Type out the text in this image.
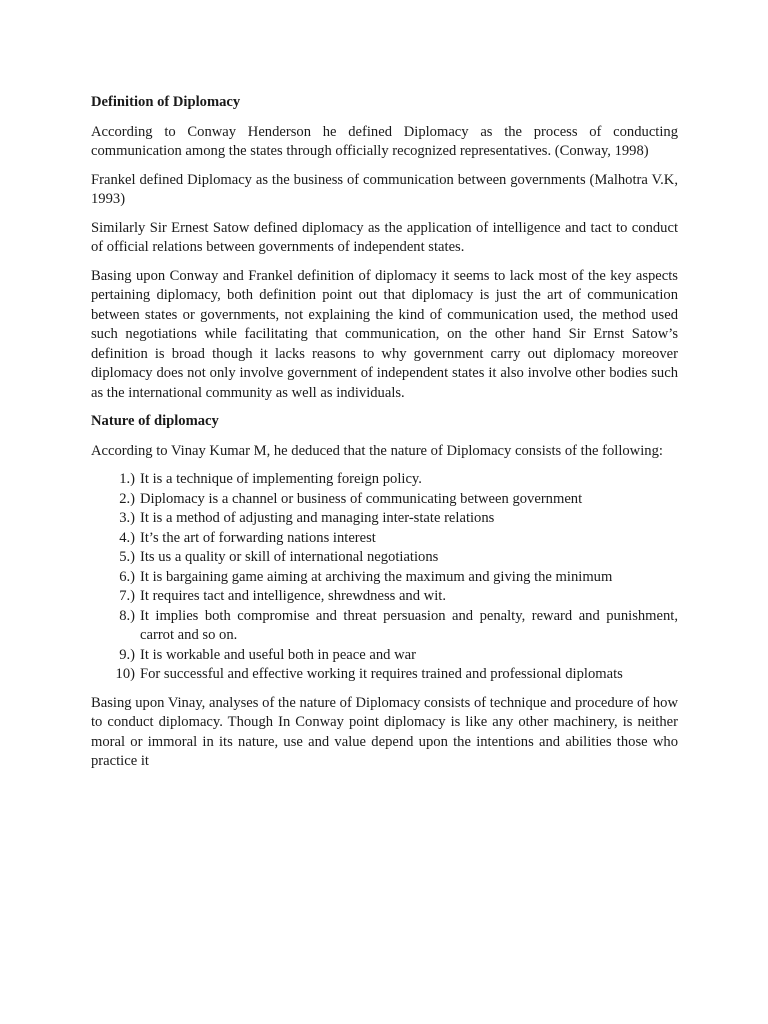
Definition of Diplomacy

According to Conway Henderson he defined Diplomacy as the process of conducting communication among the states through officially recognized representatives. (Conway, 1998)

Frankel defined Diplomacy as the business of communication between governments (Malhotra V.K, 1993)

Similarly Sir Ernest Satow defined diplomacy as the application of intelligence and tact to conduct of official relations between governments of independent states.

Basing upon Conway and Frankel definition of diplomacy it seems to lack most of the key aspects pertaining diplomacy, both definition point out that diplomacy is just the art of communication between states or governments, not explaining the kind of communication used, the method used such negotiations while facilitating that communication, on the other hand Sir Ernst Satow’s definition is broad though it lacks reasons to why government carry out diplomacy moreover diplomacy does not only involve government of independent states it also involve other bodies such as the international community as well as individuals.

Nature of diplomacy

According to Vinay Kumar M, he deduced that the nature of Diplomacy consists of the following:

1.) It is a technique of implementing foreign policy.
2.) Diplomacy is a channel or business of communicating between government
3.) It is a method of adjusting and managing inter-state relations
4.) It’s the art of forwarding nations interest
5.) Its us a quality or skill of international negotiations
6.) It is bargaining game aiming at archiving the maximum and giving the minimum
7.) It requires tact and intelligence, shrewdness and wit.
8.) It implies both compromise and threat persuasion and penalty, reward and punishment, carrot and so on.
9.) It is workable and useful both in peace and war
10) For successful and effective working it requires trained and professional diplomats

Basing upon Vinay, analyses of the nature of Diplomacy consists of technique and procedure of how to conduct diplomacy. Though In Conway point diplomacy is like any other machinery, is neither moral or immoral in its nature, use and value depend upon the intentions and abilities those who practice it
